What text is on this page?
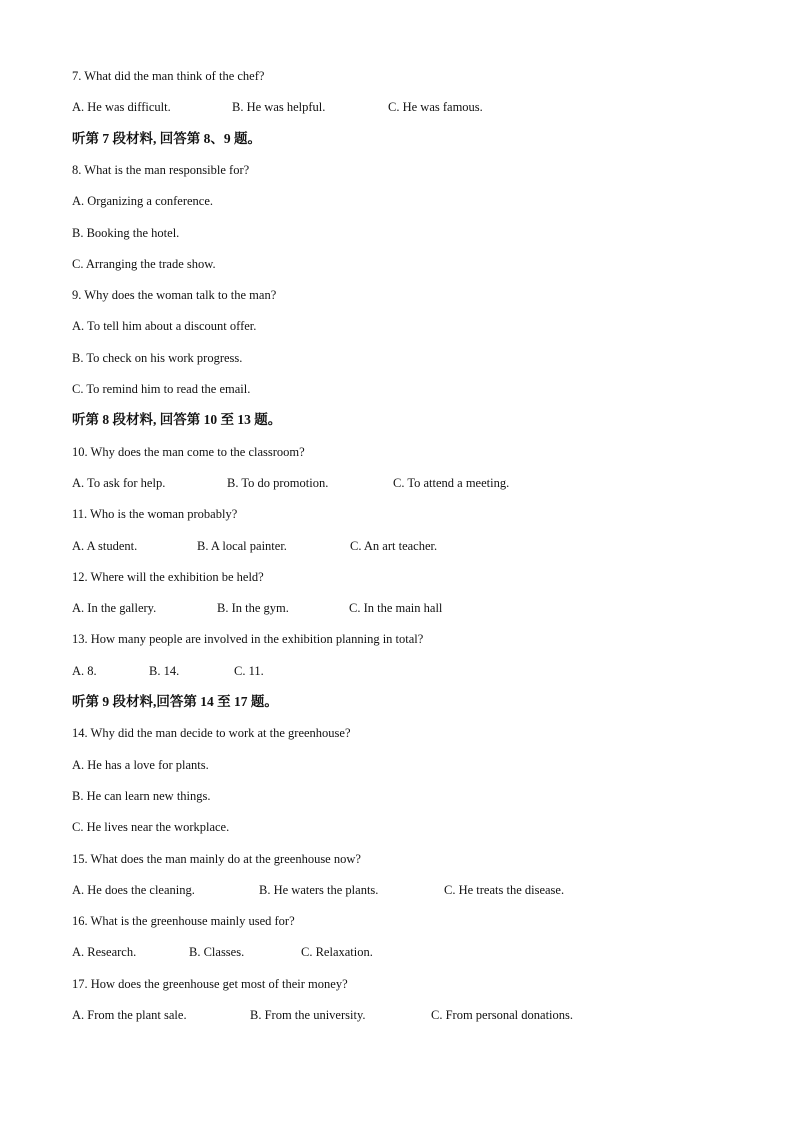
7. What did the man think of the chef?
A. He was difficult.	B. He was helpful.	C. He was famous.
听第 7 段材料, 回答第 8、9 题。
8. What is the man responsible for?
A. Organizing a conference.
B. Booking the hotel.
C. Arranging the trade show.
9. Why does the woman talk to the man?
A. To tell him about a discount offer.
B. To check on his work progress.
C. To remind him to read the email.
听第 8 段材料, 回答第 10 至 13 题。
10. Why does the man come to the classroom?
A. To ask for help.	B. To do promotion.	C. To attend a meeting.
11. Who is the woman probably?
A. A student.	B. A local painter.	C. An art teacher.
12. Where will the exhibition be held?
A. In the gallery.	B. In the gym.	C. In the main hall
13. How many people are involved in the exhibition planning in total?
A. 8.	B. 14.	C. 11.
听第 9 段材料,回答第 14 至 17 题。
14. Why did the man decide to work at the greenhouse?
A. He has a love for plants.
B. He can learn new things.
C. He lives near the workplace.
15. What does the man mainly do at the greenhouse now?
A. He does the cleaning.	B. He waters the plants.	C. He treats the disease.
16. What is the greenhouse mainly used for?
A. Research.	B. Classes.	C. Relaxation.
17. How does the greenhouse get most of their money?
A. From the plant sale.	B. From the university.	C. From personal donations.
